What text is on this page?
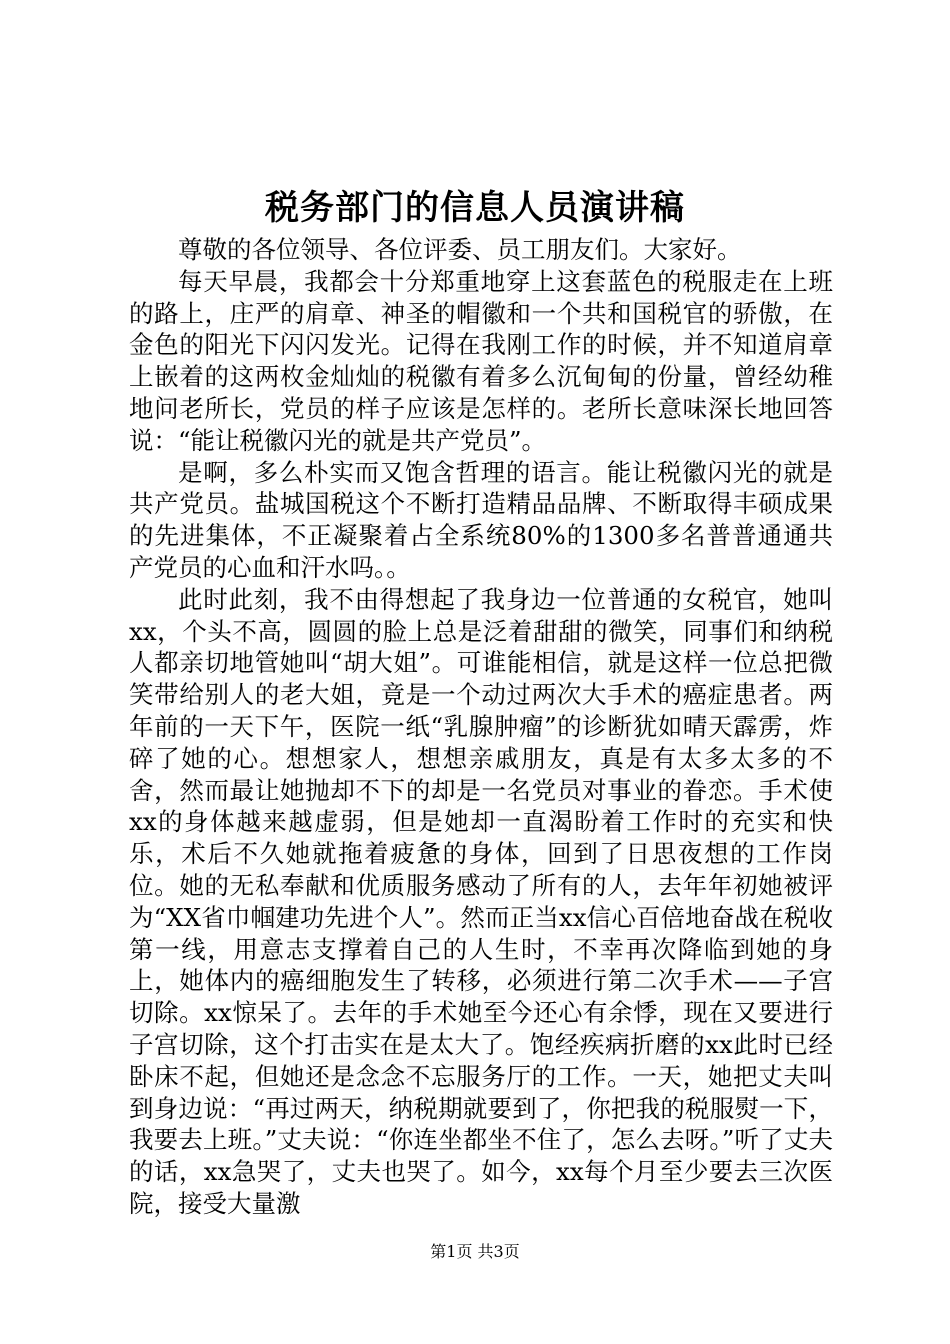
税务部门的信息人员演讲稿

尊敬的各位领导、各位评委、员工朋友们。大家好。

每天早晨，我都会十分郑重地穿上这套蓝色的税服走在上班的路上，庄严的肩章、神圣的帽徽和一个共和国税官的骄傲，在金色的阳光下闪闪发光。记得在我刚工作的时候，并不知道肩章上嵌着的这两枚金灿灿的税徽有着多么沉甸甸的份量，曾经幼稚地问老所长，党员的样子应该是怎样的。老所长意味深长地回答说：“能让税徽闪光的就是共产党员”。

是啊，多么朴实而又饱含哲理的语言。能让税徽闪光的就是共产党员。盐城国税这个不断打造精品品牌、不断取得丰硕成果的先进集体，不正凝聚着占全系统80%的1300多名普普通通共产党员的心血和汗水吗。。

此时此刻，我不由得想起了我身边一位普通的女税官，她叫xx，个头不高，圆圆的脸上总是泛着甜甜的微笑，同事们和纳税人都亲切地管她叫“胡大姐”。可谁能相信，就是这样一位总把微笑带给别人的老大姐，竟是一个动过两次大手术的癌症患者。两年前的一天下午，医院一纸“乳腺肿瘤”的诊断犹如晴天霹雳，炸碎了她的心。想想家人，想想亲戚朋友，真是有太多太多的不舍，然而最让她抛却不下的却是一名党员对事业的眷恋。手术使xx的身体越来越虚弱，但是她却一直渴盼着工作时的充实和快乐，术后不久她就拖着疲惫的身体，回到了日思夜想的工作岗位。她的无私奉献和优质服务感动了所有的人，去年年初她被评为“XX省巾帼建功先进个人”。然而正当xx信心百倍地奋战在税收第一线，用意志支撑着自己的人生时，不幸再次降临到她的身上，她体内的癌细胞发生了转移，必须进行第二次手术——子宫切除。xx惊呆了。去年的手术她至今还心有余悸，现在又要进行子宫切除，这个打击实在是太大了。饱经疾病折磨的xx此时已经卧床不起，但她还是念念不忘服务厅的工作。一天，她把丈夫叫到身边说：“再过两天，纳税期就要到了，你把我的税服熨一下，我要去上班。”丈夫说：“你连坐都坐不住了，怎么去呀。”听了丈夫的话，xx急哭了，丈夫也哭了。如今，xx每个月至少要去三次医院，接受大量激

第1页 共3页
